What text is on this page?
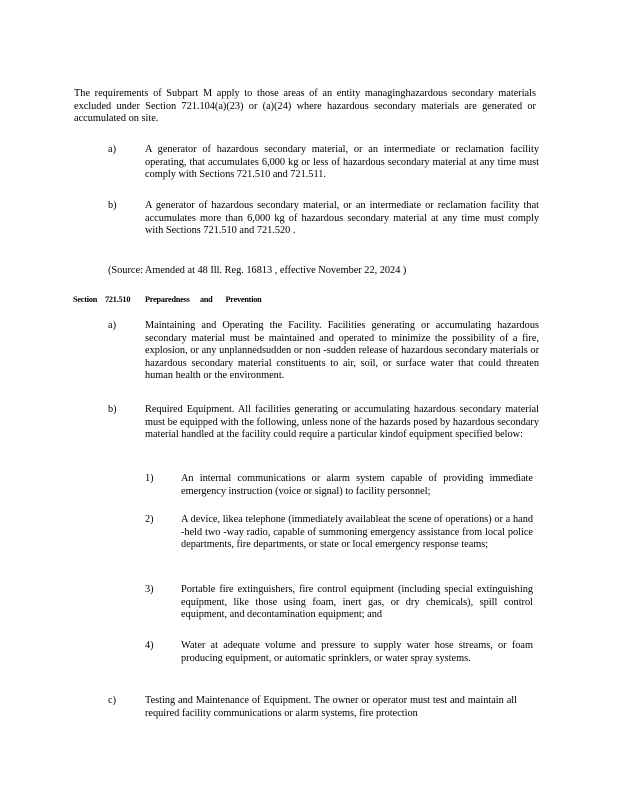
The requirements of Subpart M apply to those areas of an entity managinghazardous secondary materials excluded under Section 721.104(a)(23) or (a)(24) where hazardous secondary materials are generated or accumulated on site.
a)	A generator of hazardous secondary material, or an intermediate or reclamation facility operating, that accumulates 6,000 kg or less of hazardous secondary material at any time must comply with Sections 721.510 and 721.511.
b)	A generator of hazardous secondary material, or an intermediate or reclamation facility that accumulates more than 6,000 kg of hazardous secondary material at any time must comply with Sections 721.510 and 721.520 .
(Source: Amended at 48 Ill. Reg. 16813 , effective November 22, 2024 )
Section 721.510 Preparedness and Prevention
a)	Maintaining and Operating the Facility. Facilities generating or accumulating hazardous secondary material must be maintained and operated to minimize the possibility of a fire, explosion, or any unplannedsudden or non -sudden release of hazardous secondary materials or hazardous secondary material constituents to air, soil, or surface water that could threaten human health or the environment.
b)	Required Equipment. All facilities generating or accumulating hazardous secondary material must be equipped with the following, unless none of the hazards posed by hazardous secondary material handled at the facility could require a particular kindof equipment specified below:
1)	An internal communications or alarm system capable of providing immediate emergency instruction (voice or signal) to facility personnel;
2)	A device, likea telephone (immediately availableat the scene of operations) or a hand -held two -way radio, capable of summoning emergency assistance from local police departments, fire departments, or state or local emergency response teams;
3)	Portable fire extinguishers, fire control equipment (including special extinguishing equipment, like those using foam, inert gas, or dry chemicals), spill control equipment, and decontamination equipment; and
4)	Water at adequate volume and pressure to supply water hose streams, or foam producing equipment, or automatic sprinklers, or water spray systems.
c)	Testing and Maintenance of Equipment. The owner or operator must test and maintain all required facility communications or alarm systems, fire protection
